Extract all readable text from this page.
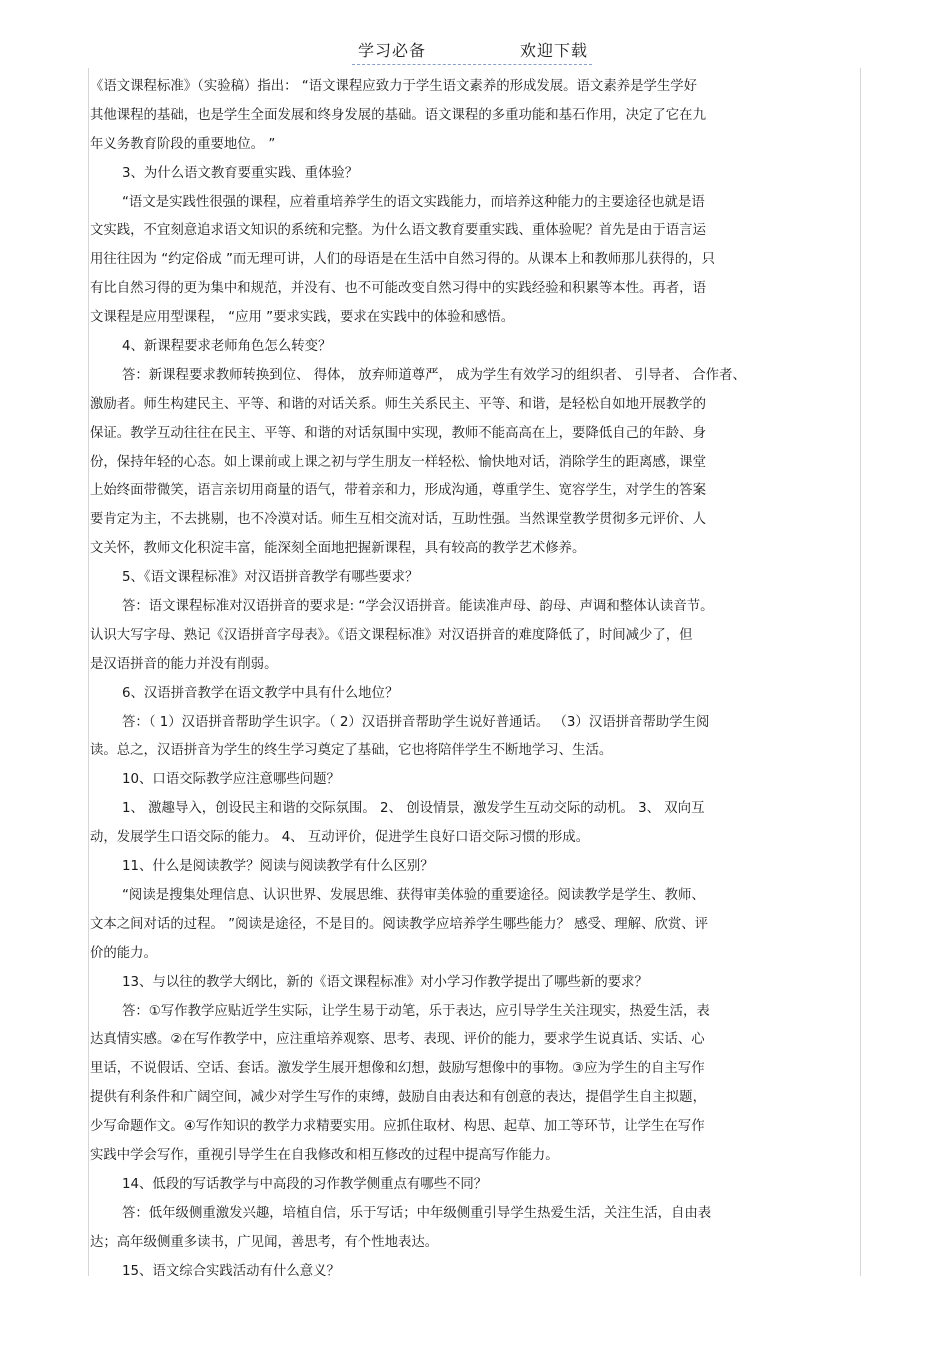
学习必备	欢迎下载
《语文课程标准》（实验稿）指出： “语文课程应致力于学生语文素养的形成发展。语文素养是学生学好
其他课程的基础，也是学生全面发展和终身发展的基础。语文课程的多重功能和基石作用，决定了它在九
年义务教育阶段的重要地位。 ”
3、为什么语文教育要重实践、重体验？
“语文是实践性很强的课程，应着重培养学生的语文实践能力，而培养这种能力的主要途径也就是语
文实践，不宜刻意追求语文知识的系统和完整。为什么语文教育要重实践、重体验呢？首先是由于语言运
用往往因为 “约定俗成 ”而无理可讲，人们的母语是在生活中自然习得的。从课本上和教师那儿获得的，只
有比自然习得的更为集中和规范，并没有、也不可能改变自然习得中的实践经验和积累等本性。再者，语
文课程是应用型课程， “应用 ”要求实践，要求在实践中的体验和感悟。
4、新课程要求老师角色怎么转变？
答：新课程要求教师转换到位、 得体， 放弃师道尊严， 成为学生有效学习的组织者、 引导者、 合作者、
激励者。师生构建民主、平等、和谐的对话关系。师生关系民主、平等、和谐，是轻松自如地开展教学的
保证。教学互动往往在民主、平等、和谐的对话氛围中实现，教师不能高高在上，要降低自己的年龄、身
份，保持年轻的心态。如上课前或上课之初与学生朋友一样轻松、愉快地对话，消除学生的距离感，课堂
上始终面带微笑，语言亲切用商量的语气，带着亲和力，形成沟通，尊重学生、宽容学生，对学生的答案
要肯定为主，不去挑剔，也不冷漠对话。师生互相交流对话，互助性强。当然课堂教学贯彻多元评价、人
文关怀，教师文化积淀丰富，能深刻全面地把握新课程，具有较高的教学艺术修养。
5、《语文课程标准》对汉语拼音教学有哪些要求？
答：语文课程标准对汉语拼音的要求是: “学会汉语拼音。能读准声母、韵母、声调和整体认读音节。
认识大写字母、熟记《汉语拼音字母表》。《语文课程标准》对汉语拼音的难度降低了，时间减少了，但
是汉语拼音的能力并没有削弱。
6、汉语拼音教学在语文教学中具有什么地位？
答：（ 1）汉语拼音帮助学生识字。（ 2）汉语拼音帮助学生说好普通话。 （3）汉语拼音帮助学生阅
读。总之，汉语拼音为学生的终生学习奠定了基础，它也将陪伴学生不断地学习、生活。
10、口语交际教学应注意哪些问题？
1、 激趣导入，创设民主和谐的交际氛围。 2、 创设情景，激发学生互动交际的动机。 3、 双向互
动，发展学生口语交际的能力。 4、 互动评价，促进学生良好口语交际习惯的形成。
11、什么是阅读教学？阅读与阅读教学有什么区别？
“阅读是搜集处理信息、认识世界、发展思维、获得审美体验的重要途径。阅读教学是学生、教师、
文本之间对话的过程。 ”阅读是途径，不是目的。阅读教学应培养学生哪些能力？ 感受、理解、欣赏、评
价的能力。
13、与以往的教学大纲比，新的《语文课程标准》对小学习作教学提出了哪些新的要求？
答：①写作教学应贴近学生实际，让学生易于动笔，乐于表达，应引导学生关注现实，热爱生活，表
达真情实感。②在写作教学中，应注重培养观察、思考、表现、评价的能力，要求学生说真话、实话、心
里话，不说假话、空话、套话。激发学生展开想像和幻想，鼓励写想像中的事物。③应为学生的自主写作
提供有利条件和广阔空间，减少对学生写作的束缚，鼓励自由表达和有创意的表达，提倡学生自主拟题，
少写命题作文。④写作知识的教学力求精要实用。应抓住取材、构思、起草、加工等环节，让学生在写作
实践中学会写作，重视引导学生在自我修改和相互修改的过程中提高写作能力。
14、低段的写话教学与中高段的习作教学侧重点有哪些不同？
答：低年级侧重激发兴趣，培植自信，乐于写话；中年级侧重引导学生热爱生活，关注生活，自由表
达；高年级侧重多读书，广见闻，善思考，有个性地表达。
15、语文综合实践活动有什么意义？
